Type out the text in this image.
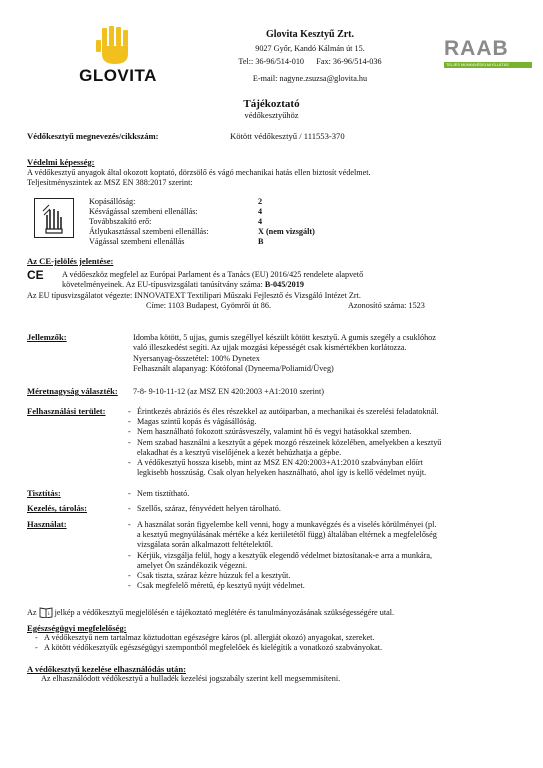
GLOVITA
Glovita Kesztyű Zrt.
9027 Győr, Kandó Kálmán út 15.
Tel:: 36-96/514-010 Fax: 36-96/514-036
E-mail: nagyne.zsuzsa@glovita.hu
RAAB
TELJES MUNKAVÉDELMI ELLÁTÁS
Tájékoztató
védőkesztyűhöz
Védőkesztyű megnevezés/cikkszám:	Kötött védőkesztyű / 111553-370
Védelmi képesség:
A védőkesztyű anyagok által okozott koptató, dörzsölő és vágó mechanikai hatás ellen biztosít védelmet.
Teljesítményszintek az MSZ EN 388:2017 szerint:
Kopásállóság:	2
Késvágással szembeni ellenállás:	4
Továbbszakító erő:	4
Átlyukasztással szembeni ellenállás:	X (nem vizsgált)
Vágással szembeni ellenállás	B
Az CE-jelölés jelentése:
CE A védőeszköz megfelel az Európai Parlament és a Tanács (EU) 2016/425 rendelete alapvető
követelményeinek. Az EU-típusvizsgálati tanúsítvány száma: B-045/2019
Az EU típusvizsgálatot végezte: INNOVATEXT Textilipari Műszaki Fejlesztő és Vizsgáló Intézet Zrt.
Címe: 1103 Budapest, Gyömrői út 86.	Azonosító száma: 1523
Jellemzők:	Idomba kötött, 5 ujjas, gumis szegéllyel készült kötött kesztyű. A gumis szegély a csuklóhoz
való illeszkedést segíti. Az ujjak mozgási képességét csak kismértékben korlátozza.
Nyersanyag-összetétel: 100% Dynetex
Felhasznált alapanyag: Kótófonal (Dyneema/Poliamid/Üveg)
Méretnagyság választék: 7-8- 9-10-11-12 (az MSZ EN 420:2003 +A1:2010 szerint)
Felhasználási terület:	- Érintkezés abráziós és éles részekkel az autóiparban, a mechanikai és szerelési feladatoknál.
- Magas szintű kopás és vágásállóság.
- Nem használható fokozott szúrásveszély, valamint hő és vegyi hatásokkal szemben.
- Nem szabad használni a kesztyűt a gépek mozgó részeinek közelében, amelyekben a kesztyű
elakadhat és a kesztyű viselőjének a kezét behúzhatja a gépbe.
- A védőkesztyű hossza kisebb, mint az MSZ EN 420:2003+A1:2010 szabványban előírt
legkisebb hosszúság. Csak olyan helyeken használható, ahol így is kellő védelmet nyújt.
Tisztítás:	- Nem tisztítható.
Kezelés, tárolás:	- Szellős, száraz, fényvédett helyen tárolható.
Használat:	- A használat során figyelembe kell venni, hogy a munkavégzés és a viselés körülményei (pl.
a kesztyű megnyúlásának mértéke a kéz keriiletétől függ) általában eltérnek a megfelelőség
vizsgálata során alkalmazott feltételektől.
- Kérjük, vizsgálja felül, hogy a kesztyűk elegendő védelmet biztosítanak-e arra a munkára,
amelyet Ön szándékozik végezni.
- Csak tiszta, száraz kézre húzzuk fel a kesztyűt.
- Csak megfelelő méretű, ép kesztyű nyújt védelmet.
Az i jelkép a védőkesztyű megjelölésén e tájékoztató meglétére és tanulmányozásának szükségességére utal.
Egészségügyi megfelelőség:
- A védőkesztyű nem tartalmaz köztudottan egészségre káros (pl. allergiát okozó) anyagokat, szereket.
- A kötött védőkesztyűk egészségügyi szempontból megfelelőek és kielégítik a vonatkozó szabványokat.
A védőkesztyű kezelése elhasználódás után:
Az elhasználódott védőkesztyű a hulladék kezelési jogszabály szerint kell megsemmisíteni.
